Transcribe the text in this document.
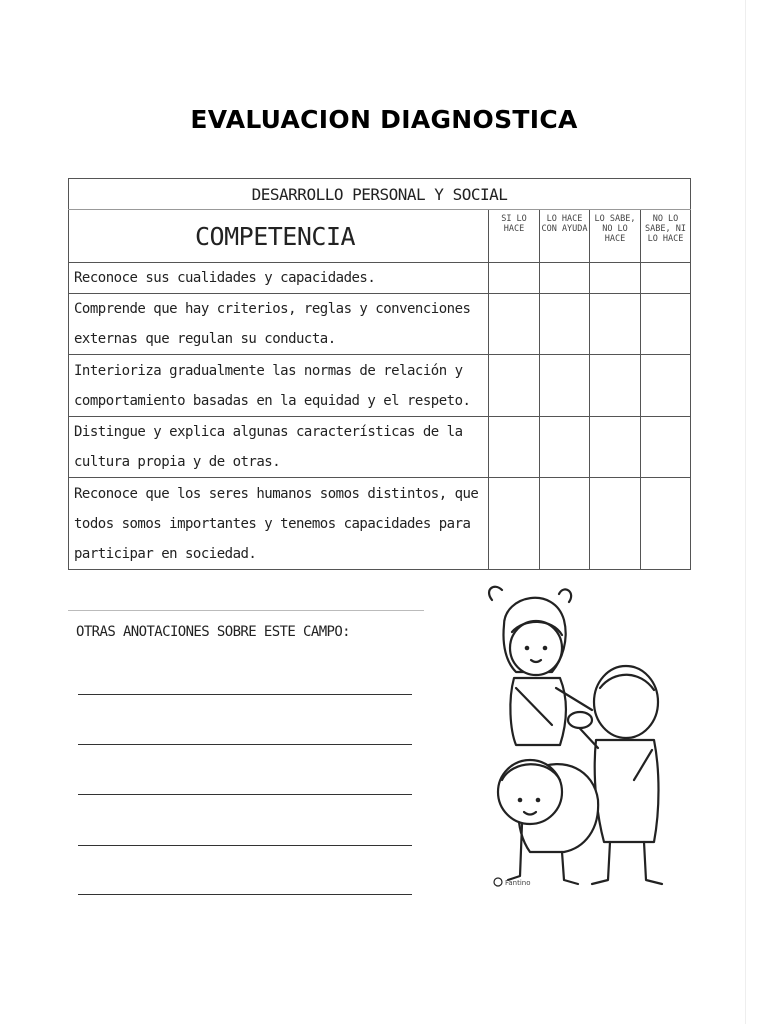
EVALUACION DIAGNOSTICA
DESARROLLO PERSONAL Y SOCIAL				
COMPETENCIA	SI LO HACE	LO HACE CON AYUDA	LO SABE, NO LO HACE	NO LO SABE, NI LO HACE
Reconoce sus cualidades y capacidades.				
Comprende que hay criterios, reglas y convenciones externas que regulan su conducta.				
Interioriza gradualmente las normas de relación y comportamiento basadas en la equidad y el respeto.				
Distingue y explica algunas características de la cultura propia y de otras.				
Reconoce que los seres humanos somos distintos, que todos somos importantes y tenemos capacidades para participar en sociedad.				
OTRAS ANOTACIONES SOBRE ESTE CAMPO:
Fantino
